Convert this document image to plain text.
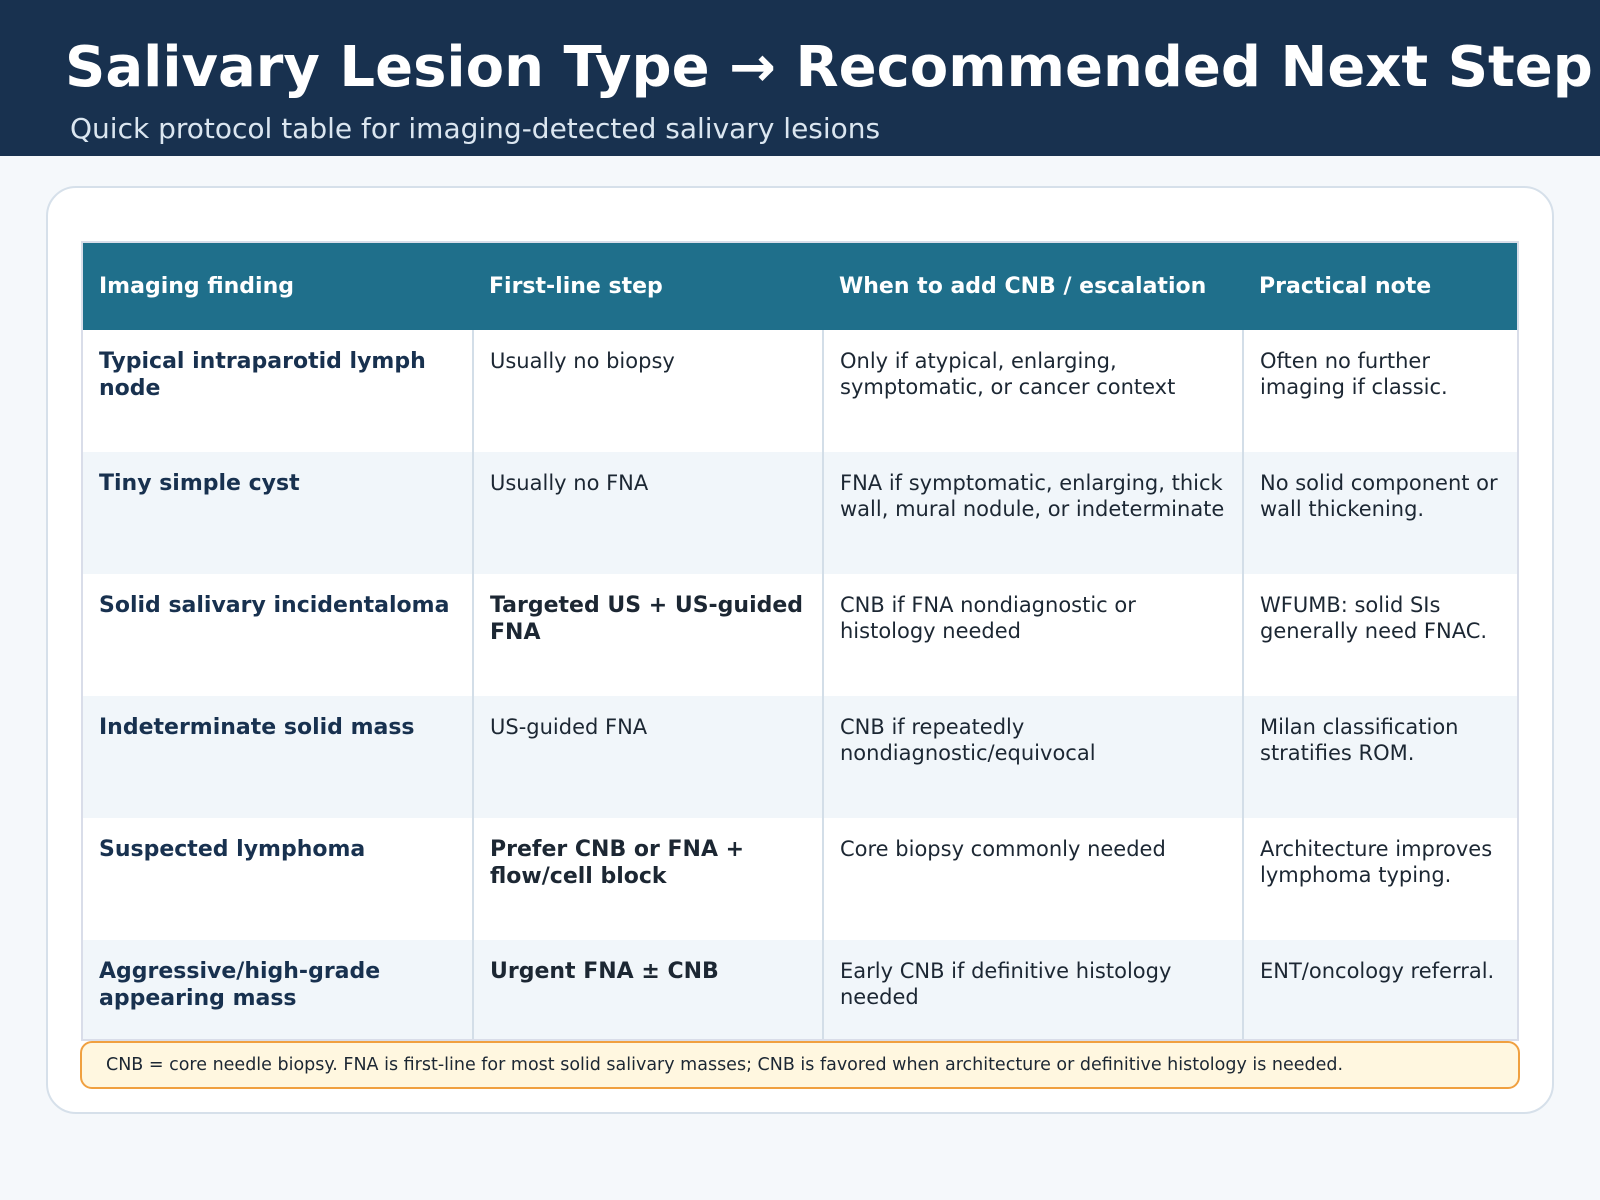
Salivary Lesion Type → Recommended Next Step

Quick protocol table for imaging-detected salivary lesions

Imaging finding	First-line step	When to add CNB / escalation	Practical note
Typical intraparotid lymph node	Usually no biopsy	Only if atypical, enlarging, symptomatic, or cancer context	Often no further imaging if classic.
Tiny simple cyst	Usually no FNA	FNA if symptomatic, enlarging, thick wall, mural nodule, or indeterminate	No solid component or wall thickening.
Solid salivary incidentaloma	Targeted US + US-guided FNA	CNB if FNA nondiagnostic or histology needed	WFUMB: solid SIs generally need FNAC.
Indeterminate solid mass	US-guided FNA	CNB if repeatedly nondiagnostic/equivocal	Milan classification stratifies ROM.
Suspected lymphoma	Prefer CNB or FNA + flow/cell block	Core biopsy commonly needed	Architecture improves lymphoma typing.
Aggressive/high-grade appearing mass	Urgent FNA ± CNB	Early CNB if definitive histology needed	ENT/oncology referral.
CNB = core needle biopsy. FNA is first-line for most solid salivary masses; CNB is favored when architecture or definitive histology is needed.
